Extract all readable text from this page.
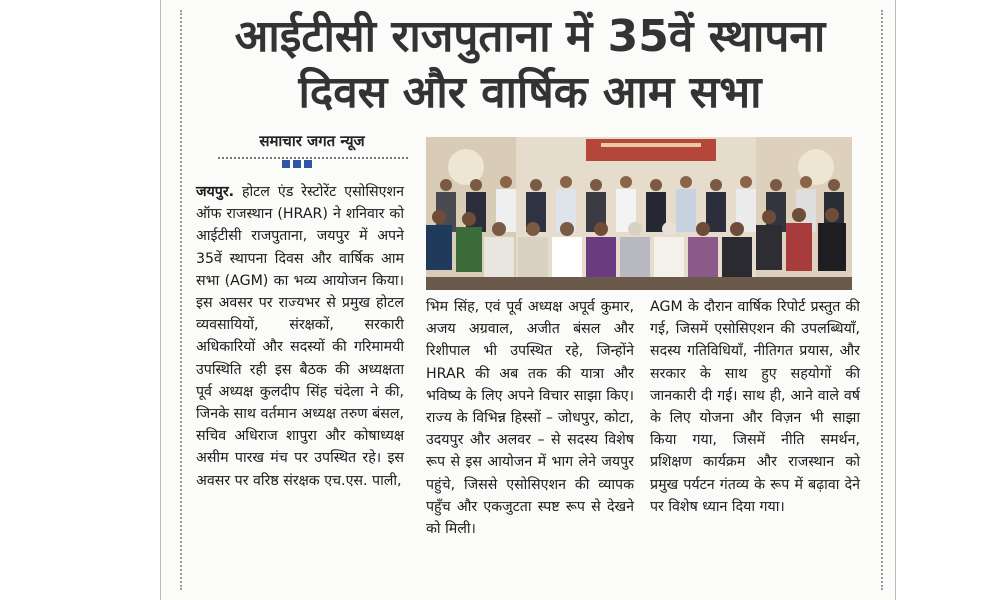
आईटीसी राजपुताना में 35वें स्थापना
दिवस और वार्षिक आम सभा
समाचार जगत न्यूज

जयपुर. होटल एंड रेस्टोरेंट एसोसिएशन ऑफ राजस्थान (HRAR) ने शनिवार को आईटीसी राजपुताना, जयपुर में अपने 35वें स्थापना दिवस और वार्षिक आम सभा (AGM) का भव्य आयोजन किया। इस अवसर पर राज्यभर से प्रमुख होटल व्यवसायियों, संरक्षकों, सरकारी अधिकारियों और सदस्यों की गरिमामयी उपस्थिति रही इस बैठक की अध्यक्षता पूर्व अध्यक्ष कुलदीप सिंह चंदेला ने की, जिनके साथ वर्तमान अध्यक्ष तरुण बंसल, सचिव अधिराज शापुरा और कोषाध्यक्ष असीम पारख मंच पर उपस्थित रहे। इस अवसर पर वरिष्ठ संरक्षक एच.एस. पाली,

भिम सिंह, एवं पूर्व अध्यक्ष अपूर्व कुमार, अजय अग्रवाल, अजीत बंसल और रिशीपाल भी उपस्थित रहे, जिन्होंने HRAR की अब तक की यात्रा और भविष्य के लिए अपने विचार साझा किए। राज्य के विभिन्न हिस्सों – जोधपुर, कोटा, उदयपुर और अलवर – से सदस्य विशेष रूप से इस आयोजन में भाग लेने जयपुर पहुंचे, जिससे एसोसिएशन की व्यापक पहुँच और एकजुटता स्पष्ट रूप से देखने को मिली।

AGM के दौरान वार्षिक रिपोर्ट प्रस्तुत की गई, जिसमें एसोसिएशन की उपलब्धियाँ, सदस्य गतिविधियाँ, नीतिगत प्रयास, और सरकार के साथ हुए सहयोगों की जानकारी दी गई। साथ ही, आने वाले वर्ष के लिए योजना और विज़न भी साझा किया गया, जिसमें नीति समर्थन, प्रशिक्षण कार्यक्रम और राजस्थान को प्रमुख पर्यटन गंतव्य के रूप में बढ़ावा देने पर विशेष ध्यान दिया गया।
